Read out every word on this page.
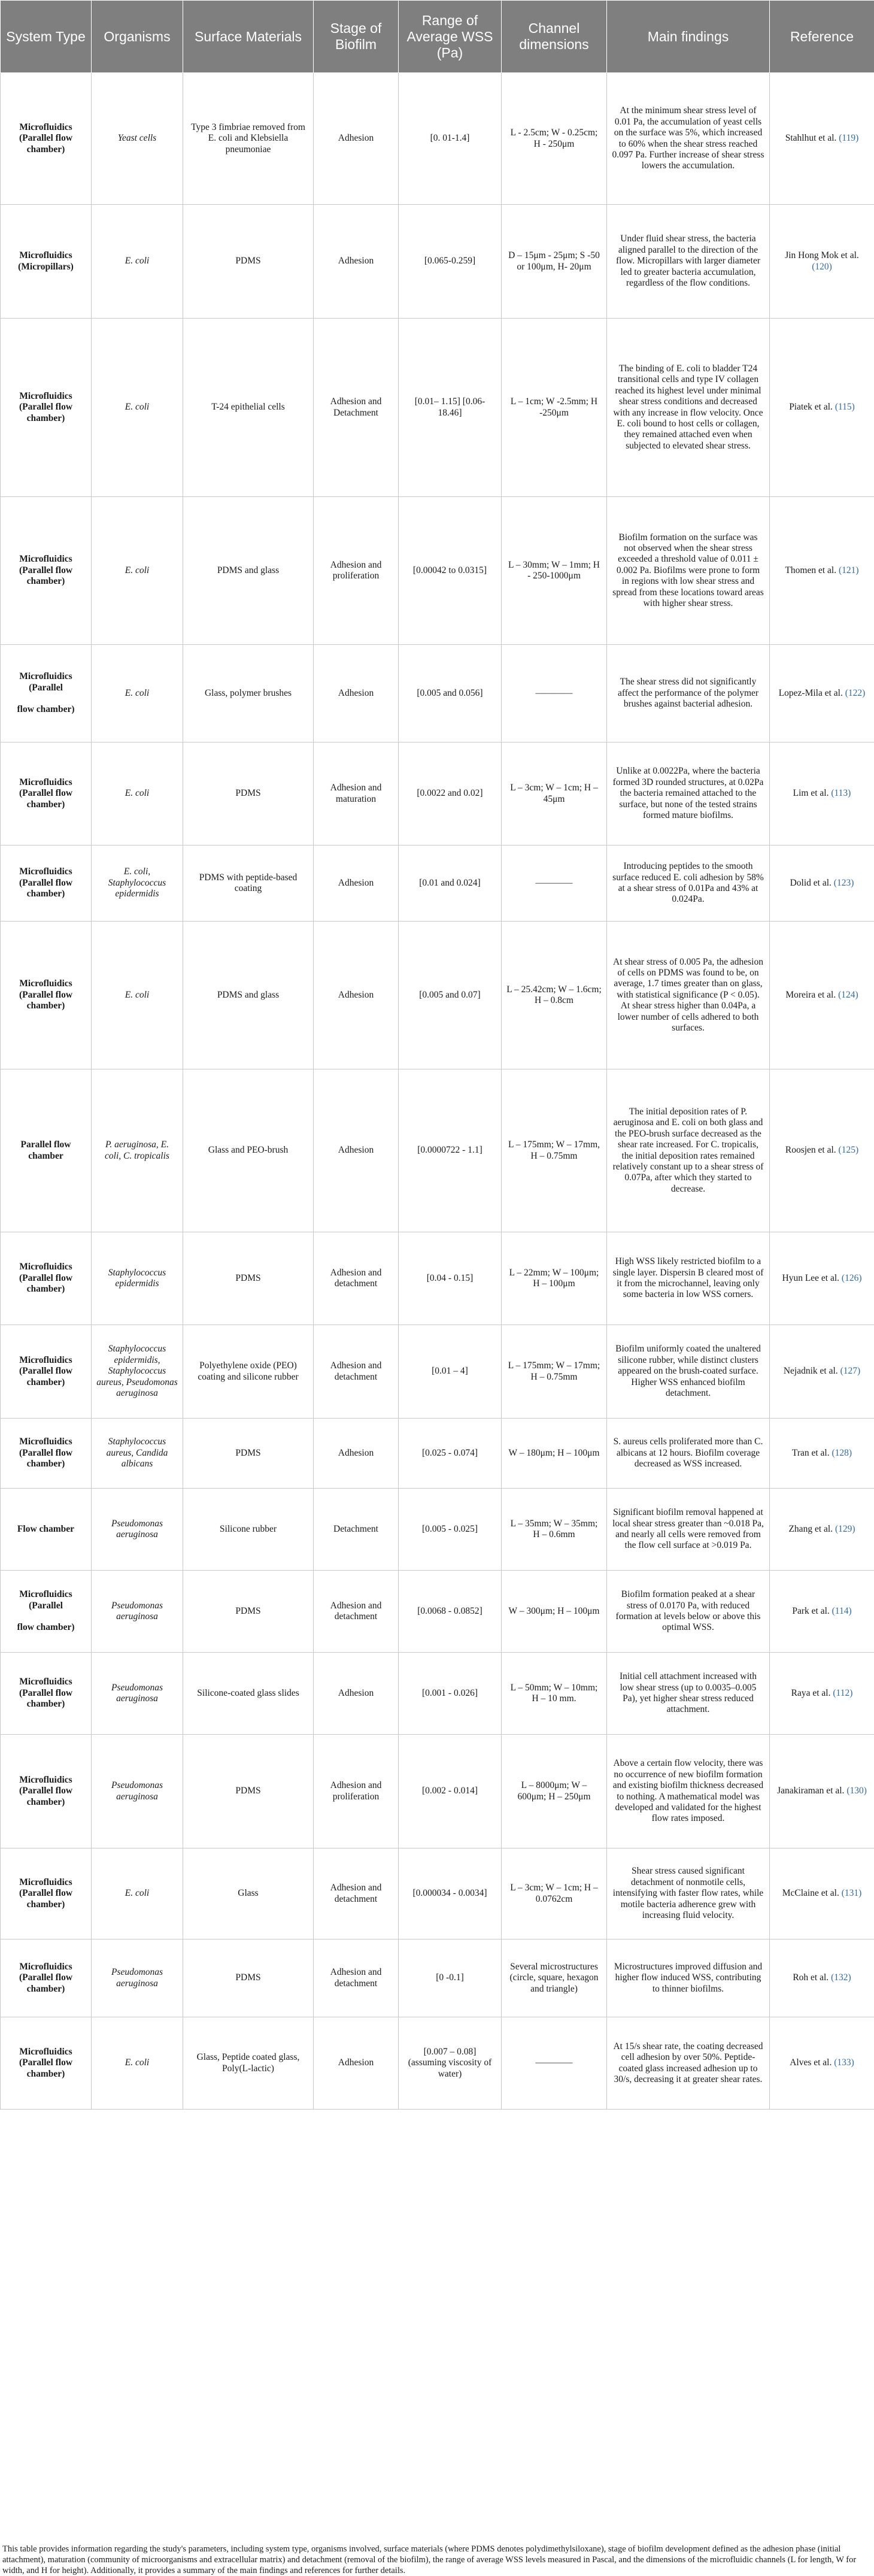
System Type	Organisms	Surface Materials	Stage of Biofilm	Range of Average WSS (Pa)	Channel dimensions	Main findings	Reference
Microfluidics (Parallel flow chamber)	Yeast cells	Type 3 fimbriae removed from E. coli and Klebsiella pneumoniae	Adhesion	[0. 01-1.4]	L - 2.5cm; W - 0.25cm; H - 250μm	At the minimum shear stress level of 0.01 Pa, the accumulation of yeast cells on the surface was 5%, which increased to 60% when the shear stress reached 0.097 Pa. Further increase of shear stress lowers the accumulation.	Stahlhut et al. (119)
Microfluidics (Micropillars)	E. coli	PDMS	Adhesion	[0.065-0.259]	D – 15μm - 25μm; S -50 or 100μm, H- 20μm	Under fluid shear stress, the bacteria aligned parallel to the direction of the flow. Micropillars with larger diameter led to greater bacteria accumulation, regardless of the flow conditions.	Jin Hong Mok et al. (120)
Microfluidics (Parallel flow chamber)	E. coli	T-24 epithelial cells	Adhesion and Detachment	[0.01– 1.15] [0.06- 18.46]	L – 1cm; W -2.5mm; H -250μm	The binding of E. coli to bladder T24 transitional cells and type IV collagen reached its highest level under minimal shear stress conditions and decreased with any increase in flow velocity. Once E. coli bound to host cells or collagen, they remained attached even when subjected to elevated shear stress.	Piatek et al. (115)
Microfluidics (Parallel flow chamber)	E. coli	PDMS and glass	Adhesion and proliferation	[0.00042 to 0.0315]	L – 30mm; W – 1mm; H - 250-1000μm	Biofilm formation on the surface was not observed when the shear stress exceeded a threshold value of 0.011 ± 0.002 Pa. Biofilms were prone to form in regions with low shear stress and spread from these locations toward areas with higher shear stress.	Thomen et al. (121)
Microfluidics (Parallel

flow chamber)	E. coli	Glass, polymer brushes	Adhesion	[0.005 and 0.056]	————	The shear stress did not significantly affect the performance of the polymer brushes against bacterial adhesion.	Lopez-Mila et al. (122)
Microfluidics (Parallel flow chamber)	E. coli	PDMS	Adhesion and maturation	[0.0022 and 0.02]	L – 3cm; W – 1cm; H – 45μm	Unlike at 0.0022Pa, where the bacteria formed 3D rounded structures, at 0.02Pa the bacteria remained attached to the surface, but none of the tested strains formed mature biofilms.	Lim et al. (113)
Microfluidics (Parallel flow chamber)	E. coli, Staphylococcus epidermidis	PDMS with peptide-based coating	Adhesion	[0.01 and 0.024]	————	Introducing peptides to the smooth surface reduced E. coli adhesion by 58% at a shear stress of 0.01Pa and 43% at 0.024Pa.	Dolid et al. (123)
Microfluidics (Parallel flow chamber)	E. coli	PDMS and glass	Adhesion	[0.005 and 0.07]	L – 25.42cm; W – 1.6cm; H – 0.8cm	At shear stress of 0.005 Pa, the adhesion of cells on PDMS was found to be, on average, 1.7 times greater than on glass, with statistical significance (P < 0.05). At shear stress higher than 0.04Pa, a lower number of cells adhered to both surfaces.	Moreira et al. (124)
Parallel flow chamber	P. aeruginosa, E. coli, C. tropicalis	Glass and PEO-brush	Adhesion	[0.0000722 - 1.1]	L – 175mm; W – 17mm, H – 0.75mm	The initial deposition rates of P. aeruginosa and E. coli on both glass and the PEO-brush surface decreased as the shear rate increased. For C. tropicalis, the initial deposition rates remained relatively constant up to a shear stress of 0.07Pa, after which they started to decrease.	Roosjen et al. (125)
Microfluidics (Parallel flow chamber)	Staphylococcus epidermidis	PDMS	Adhesion and detachment	[0.04 - 0.15]	L – 22mm; W – 100μm; H – 100μm	High WSS likely restricted biofilm to a single layer. Dispersin B cleared most of it from the microchannel, leaving only some bacteria in low WSS corners.	Hyun Lee et al. (126)
Microfluidics (Parallel flow chamber)	Staphylococcus epidermidis, Staphylococcus aureus, Pseudomonas aeruginosa	Polyethylene oxide (PEO) coating and silicone rubber	Adhesion and detachment	[0.01 – 4]	L – 175mm; W – 17mm; H – 0.75mm	Biofilm uniformly coated the unaltered silicone rubber, while distinct clusters appeared on the brush-coated surface. Higher WSS enhanced biofilm detachment.	Nejadnik et al. (127)
Microfluidics (Parallel flow chamber)	Staphylococcus aureus, Candida albicans	PDMS	Adhesion	[0.025 - 0.074]	W – 180μm; H – 100μm	S. aureus cells proliferated more than C. albicans at 12 hours. Biofilm coverage decreased as WSS increased.	Tran et al. (128)
Flow chamber	Pseudomonas aeruginosa	Silicone rubber	Detachment	[0.005 - 0.025]	L – 35mm; W – 35mm; H – 0.6mm	Significant biofilm removal happened at local shear stress greater than ~0.018 Pa, and nearly all cells were removed from the flow cell surface at >0.019 Pa.	Zhang et al. (129)
Microfluidics (Parallel

flow chamber)	Pseudomonas aeruginosa	PDMS	Adhesion and detachment	[0.0068 - 0.0852]	W – 300μm; H – 100μm	Biofilm formation peaked at a shear stress of 0.0170 Pa, with reduced formation at levels below or above this optimal WSS.	Park et al. (114)
Microfluidics (Parallel flow chamber)	Pseudomonas aeruginosa	Silicone-coated glass slides	Adhesion	[0.001 - 0.026]	L – 50mm; W – 10mm; H – 10 mm.	Initial cell attachment increased with low shear stress (up to 0.0035–0.005 Pa), yet higher shear stress reduced attachment.	Raya et al. (112)
Microfluidics (Parallel flow chamber)	Pseudomonas aeruginosa	PDMS	Adhesion and proliferation	[0.002 - 0.014]	L – 8000μm; W – 600μm; H – 250μm	Above a certain flow velocity, there was no occurrence of new biofilm formation and existing biofilm thickness decreased to nothing. A mathematical model was developed and validated for the highest flow rates imposed.	Janakiraman et al. (130)
Microfluidics (Parallel flow chamber)	E. coli	Glass	Adhesion and detachment	[0.000034 - 0.0034]	L – 3cm; W – 1cm; H – 0.0762cm	Shear stress caused significant detachment of nonmotile cells, intensifying with faster flow rates, while motile bacteria adherence grew with increasing fluid velocity.	McClaine et al. (131)
Microfluidics (Parallel flow chamber)	Pseudomonas aeruginosa	PDMS	Adhesion and detachment	[0 -0.1]	Several microstructures (circle, square, hexagon and triangle)	Microstructures improved diffusion and higher flow induced WSS, contributing to thinner biofilms.	Roh et al. (132)
Microfluidics (Parallel flow chamber)	E. coli	Glass, Peptide coated glass, Poly(L-lactic)	Adhesion	[0.007 – 0.08] (assuming viscosity of water)	————	At 15/s shear rate, the coating decreased cell adhesion by over 50%. Peptide-coated glass increased adhesion up to 30/s, decreasing it at greater shear rates.	Alves et al. (133)
This table provides information regarding the study's parameters, including system type, organisms involved, surface materials (where PDMS denotes polydimethylsiloxane), stage of biofilm development defined as the adhesion phase (initial attachment), maturation (community of microorganisms and extracellular matrix) and detachment (removal of the biofilm), the range of average WSS levels measured in Pascal, and the dimensions of the microfluidic channels (L for length, W for width, and H for height). Additionally, it provides a summary of the main findings and references for further details.
